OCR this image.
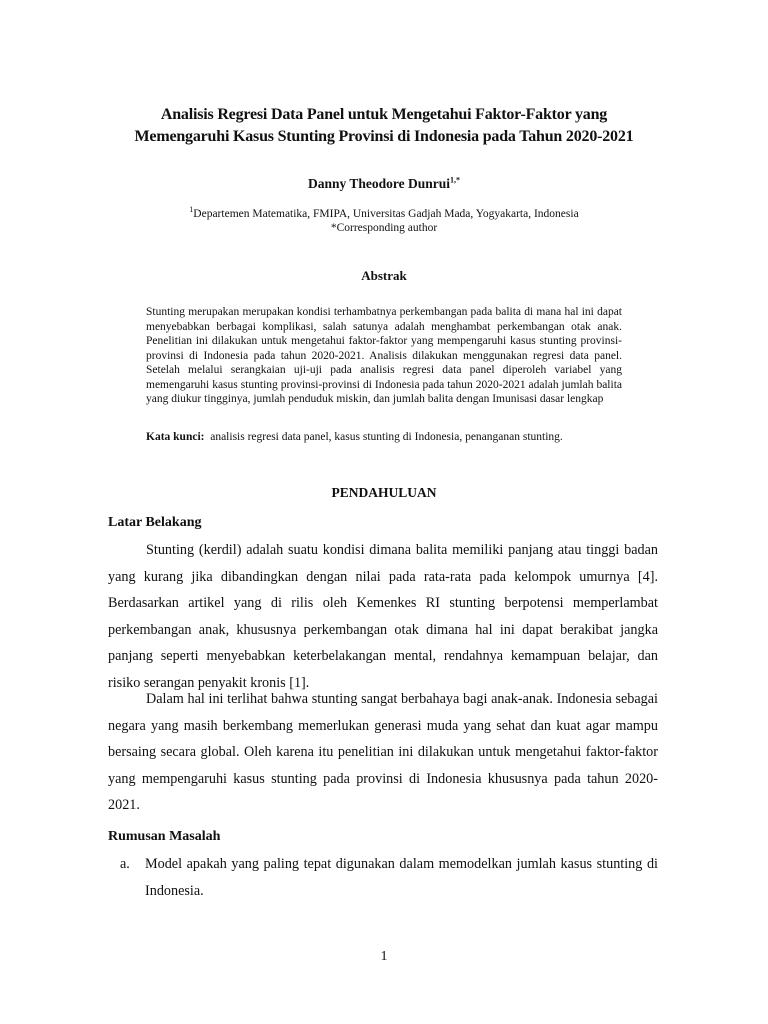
Analisis Regresi Data Panel untuk Mengetahui Faktor-Faktor yang
Memengaruhi Kasus Stunting Provinsi di Indonesia pada Tahun 2020-2021
Danny Theodore Dunrui$^{1,*}$
$^1$Departemen Matematika, FMIPA, Universitas Gadjah Mada, Yogyakarta, Indonesia
*Corresponding author
Abstrak

Stunting merupakan merupakan kondisi terhambatnya perkembangan pada balita di mana hal ini dapat menyebabkan berbagai komplikasi, salah satunya adalah menghambat perkembangan otak anak. Penelitian ini dilakukan untuk mengetahui faktor-faktor yang mempengaruhi kasus stunting provinsi-provinsi di Indonesia pada tahun 2020-2021. Analisis dilakukan menggunakan regresi data panel. Setelah melalui serangkaian uji-uji pada analisis regresi data panel diperoleh variabel yang memengaruhi kasus stunting provinsi-provinsi di Indonesia pada tahun 2020-2021 adalah jumlah balita yang diukur tingginya, jumlah penduduk miskin, dan jumlah balita dengan Imunisasi dasar lengkap

Kata kunci: analisis regresi data panel, kasus stunting di Indonesia, penanganan stunting.

PENDAHULUAN
Latar Belakang

Stunting (kerdil) adalah suatu kondisi dimana balita memiliki panjang atau tinggi badan yang kurang jika dibandingkan dengan nilai pada rata-rata pada kelompok umurnya [4]. Berdasarkan artikel yang di rilis oleh Kemenkes RI stunting berpotensi memperlambat perkembangan anak, khususnya perkembangan otak dimana hal ini dapat berakibat jangka panjang seperti menyebabkan keterbelakangan mental, rendahnya kemampuan belajar, dan risiko serangan penyakit kronis [1].

Dalam hal ini terlihat bahwa stunting sangat berbahaya bagi anak-anak. Indonesia sebagai negara yang masih berkembang memerlukan generasi muda yang sehat dan kuat agar mampu bersaing secara global. Oleh karena itu penelitian ini dilakukan untuk mengetahui faktor-faktor yang mempengaruhi kasus stunting pada provinsi di Indonesia khususnya pada tahun 2020-2021.

Rumusan Masalah
a. Model apakah yang paling tepat digunakan dalam memodelkan jumlah kasus stunting di Indonesia.
1
